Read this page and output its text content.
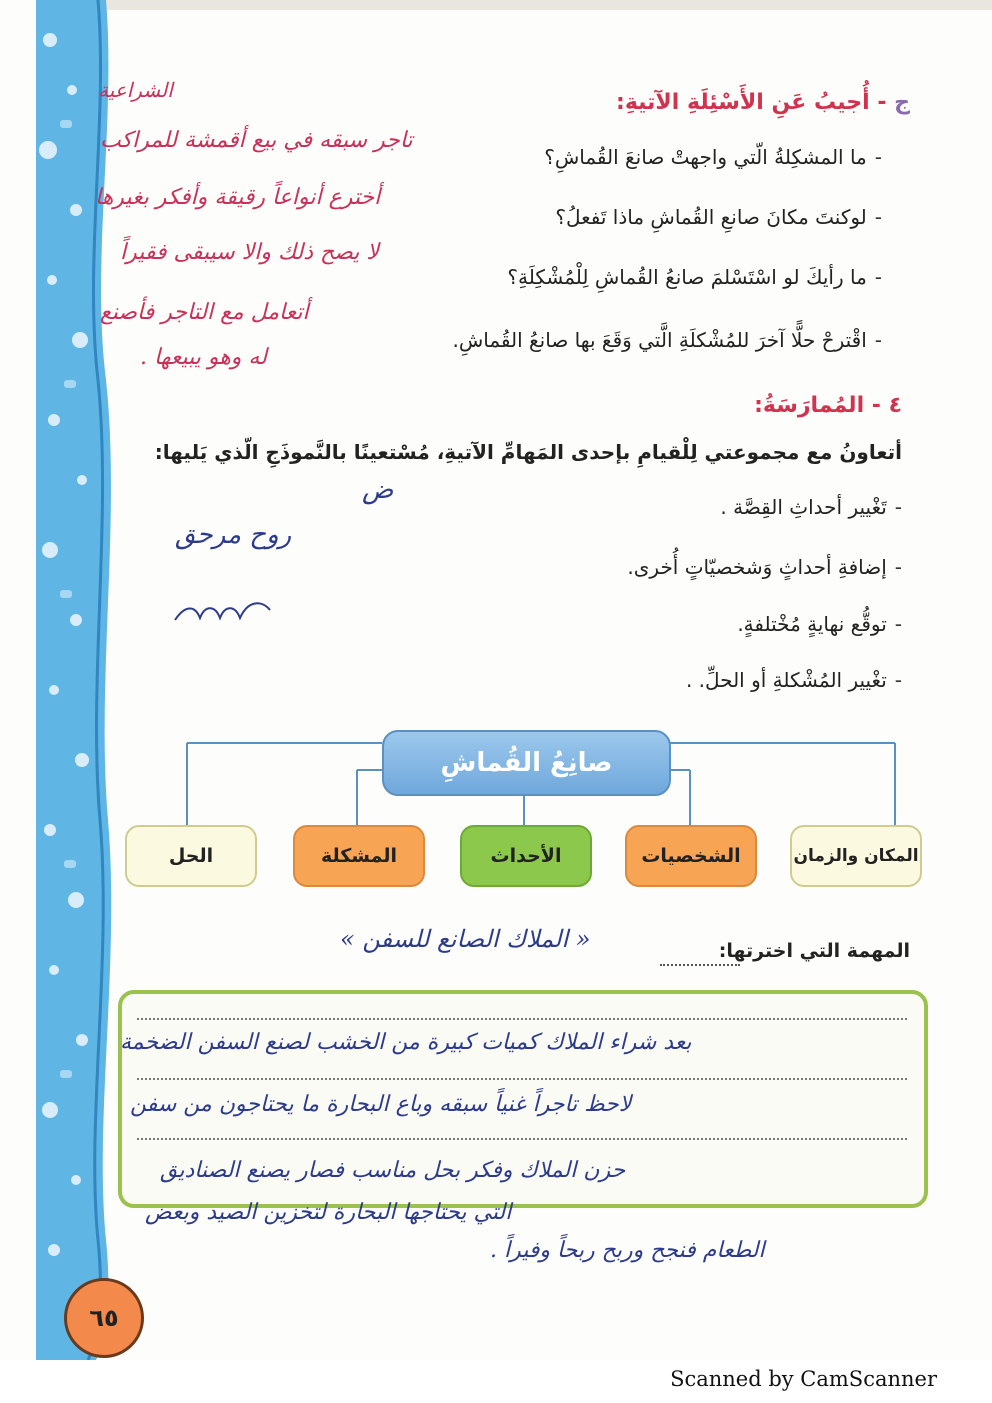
ج - أُجيبُ عَنِ الأَسْئِلَةِ الآتيةِ:
الشراعية
-ما المشكِلةُ الّتي واجهتْ صانعَ القُماشِ؟
تاجر سبقه في بيع أقمشة للمراكب
-لوكنتَ مكانَ صانعِ القُماشِ ماذا تَفعلُ؟
أخترع أنواعاً رقيقة وأفكر بغيرها
-ما رأيكَ لو اسْتَسْلمَ صانعُ القُماشِ لِلْمُشْكِلَةِ؟
لا يصح ذلك والا سيبقى فقيراً
-اقْترحْ حلًّا آخرَ للمُشْكلَةِ الَّتي وَقَعَ بها صانعُ القُماشِ.
أتعامل مع التاجر فأصنع
له وهو يبيعها .
٤ - المُمارَسَةُ:
أتعاونُ مع مجموعتي لِلْقيامِ بإحدى المَهامِّ الآتيةِ، مُسْتعينًا بالنَّموذَجِ الّذي يَليها:
-تَغْيير أحداثِ القِصَّة .
-إضافةِ أحداثٍ وَشخصيّاتٍ أُخرى.
-توقُّع نهايةٍ مُخْتلفةٍ.
-تغْيير المُشْكلةِ أو الحلِّ. .
ض
روح مرحق
صانِعُ القُماشِ
المكان والزمان
الشخصيات
الأحداث
المشكلة
الحل
المهمة التي اخترتها:
« الملاك الصانع للسفن »
بعد شراء الملاك كميات كبيرة من الخشب لصنع السفن الضخمة
لاحظ تاجراً غنياً سبقه وباع البحارة ما يحتاجون من سفن
حزن الملاك وفكر بحل مناسب فصار يصنع الصناديق
التي يحتاجها البحارة لتخزين الصيد وبعض
الطعام فنجح وربح ربحاً وفيراً .
٦٥
Scanned by CamScanner
